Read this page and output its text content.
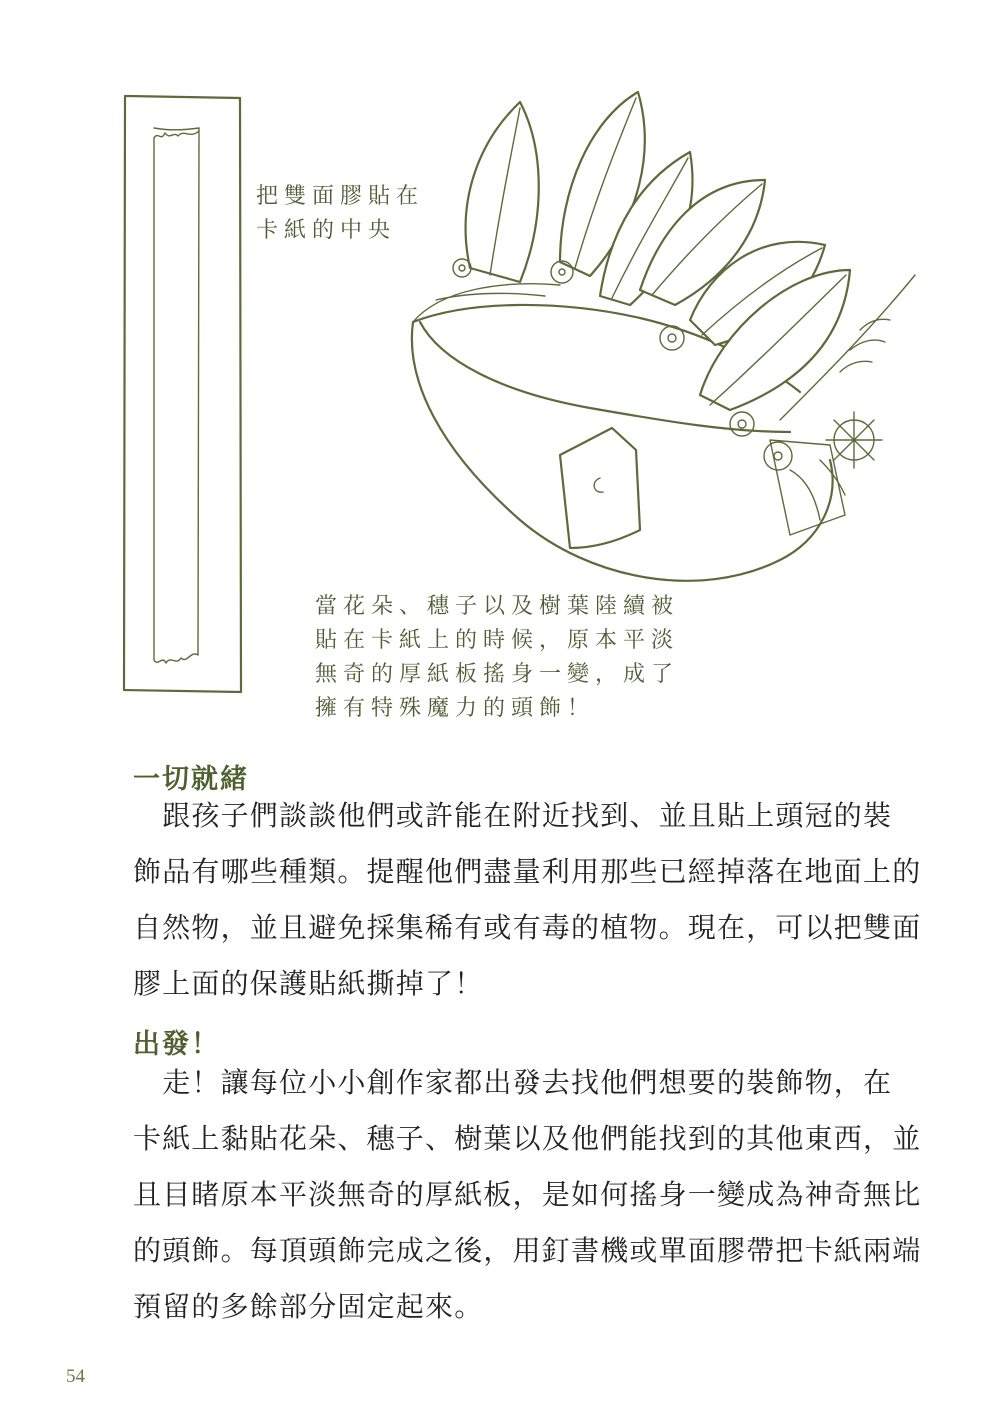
把雙面膠貼在
卡紙的中央
當花朵、穗子以及樹葉陸續被
貼在卡紙上的時候，原本平淡
無奇的厚紙板搖身一變，成了
擁有特殊魔力的頭飾！
一切就緒
　跟孩子們談談他們或許能在附近找到、並且貼上頭冠的裝
飾品有哪些種類。提醒他們盡量利用那些已經掉落在地面上的
自然物，並且避免採集稀有或有毒的植物。現在，可以把雙面
膠上面的保護貼紙撕掉了！
出發！
　走！讓每位小小創作家都出發去找他們想要的裝飾物，在
卡紙上黏貼花朵、穗子、樹葉以及他們能找到的其他東西，並
且目睹原本平淡無奇的厚紙板，是如何搖身一變成為神奇無比
的頭飾。每頂頭飾完成之後，用釘書機或單面膠帶把卡紙兩端
預留的多餘部分固定起來。
54
